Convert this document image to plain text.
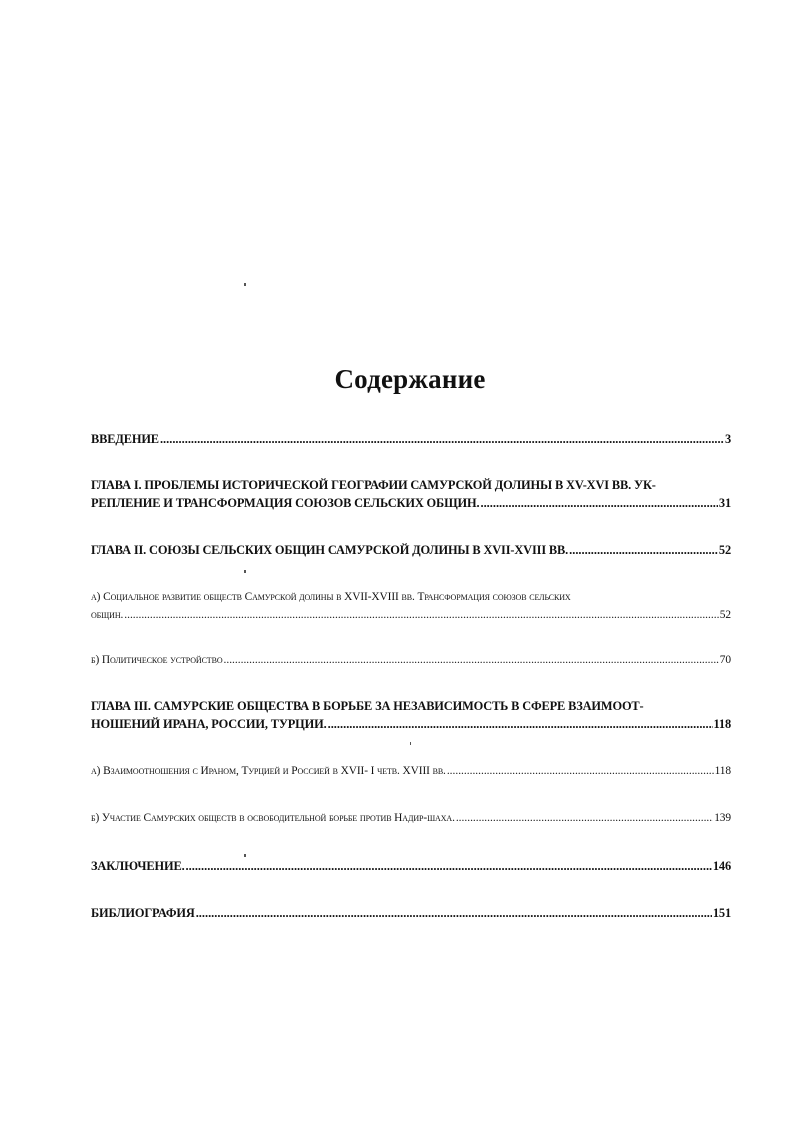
Содержание
ВВЕДЕНИЕ .....	3
ГЛАВА I. ПРОБЛЕМЫ ИСТОРИЧЕСКОЙ ГЕОГРАФИИ САМУРСКОЙ ДОЛИНЫ В XV-XVI ВВ. УК-
РЕПЛЕНИЕ И ТРАНСФОРМАЦИЯ СОЮЗОВ СЕЛЬСКИХ ОБЩИН. .....	31
ГЛАВА II. СОЮЗЫ СЕЛЬСКИХ ОБЩИН САМУРСКОЙ ДОЛИНЫ В XVII-XVIII ВВ. .....	52
а) Социальное развитие обществ Самурской долины в XVII-XVIII вв. Трансформация союзов сельских
общин. .....	52
б) Политическое устройство .....	70
ГЛАВА III. САМУРСКИЕ ОБЩЕСТВА В БОРЬБЕ ЗА НЕЗАВИСИМОСТЬ В СФЕРЕ ВЗАИМООТ-
НОШЕНИЙ ИРАНА, РОССИИ, ТУРЦИИ. .....	118
а) Взаимоотношения с Ираном, Турцией и Россией в XVII- I четв. XVIII вв. .....	118
б) Участие Самурских обществ в освободительной борьбе против Надир-шаха. .....	139
ЗАКЛЮЧЕНИЕ. .....	146
БИБЛИОГРАФИЯ .....	151
